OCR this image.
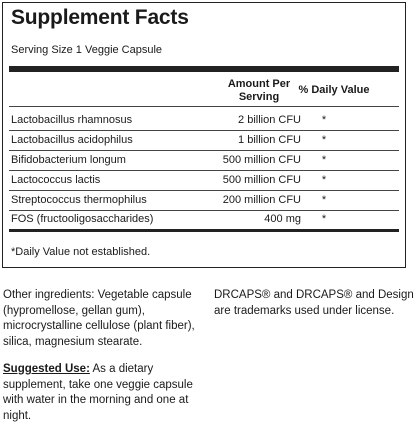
Supplement Facts
Serving Size 1 Veggie Capsule
Amount Per Serving
% Daily Value
Lactobacillus rhamnosus	2 billion CFU *
Lactobacillus acidophilus	1 billion CFU *
Bifidobacterium longum	500 million CFU *
Lactococcus lactis	500 million CFU *
Streptococcus thermophilus	200 million CFU *
FOS (fructooligosaccharides)	400 mg *
*Daily Value not established.
Other ingredients: Vegetable capsule (hypromellose, gellan gum), microcrystalline cellulose (plant fiber), silica, magnesium stearate.
Suggested Use: As a dietary supplement, take one veggie capsule with water in the morning and one at night.
DRCAPS® and DRCAPS® and Design are trademarks used under license.
